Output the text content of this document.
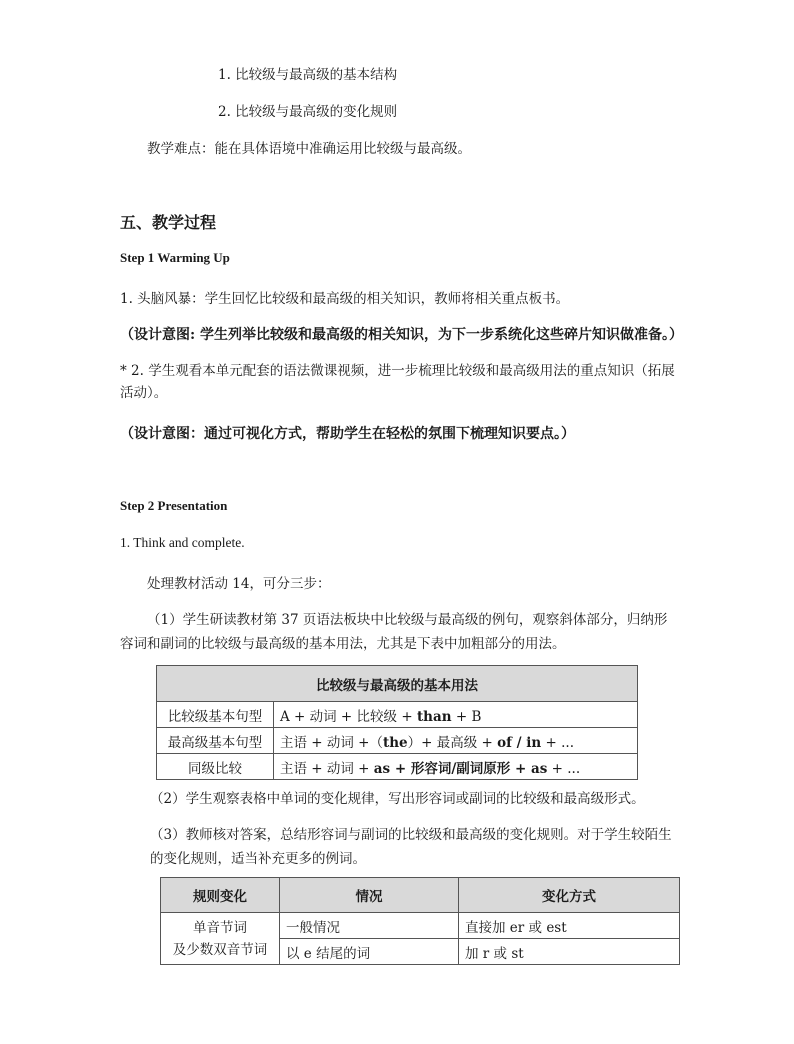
1. 比较级与最高级的基本结构
2. 比较级与最高级的变化规则
教学难点：能在具体语境中准确运用比较级与最高级。
五、教学过程
Step 1 Warming Up
1. 头脑风暴：学生回忆比较级和最高级的相关知识，教师将相关重点板书。
（设计意图: 学生列举比较级和最高级的相关知识，为下一步系统化这些碎片知识做准备。）
* 2. 学生观看本单元配套的语法微课视频，进一步梳理比较级和最高级用法的重点知识（拓展活动）。
（设计意图：通过可视化方式，帮助学生在轻松的氛围下梳理知识要点。）
Step 2 Presentation
1. Think and complete.
处理教材活动 14，可分三步：
（1）学生研读教材第 37 页语法板块中比较级与最高级的例句，观察斜体部分，归纳形容词和副词的比较级与最高级的基本用法，尤其是下表中加粗部分的用法。
比较级与最高级的基本用法	
比较级基本句型	A + 动词 + 比较级 + than + B
最高级基本句型	主语 + 动词 +（the）+ 最高级 + of / in + ...
同级比较	主语 + 动词 + as + 形容词/副词原形 + as + ...
（2）学生观察表格中单词的变化规律，写出形容词或副词的比较级和最高级形式。
（3）教师核对答案，总结形容词与副词的比较级和最高级的变化规则。对于学生较陌生的变化规则，适当补充更多的例词。
规则变化	情况	变化方式

单音节词
及少数双音节词	一般情况	直接加 er 或 est
	以 e 结尾的词	加 r 或 st
